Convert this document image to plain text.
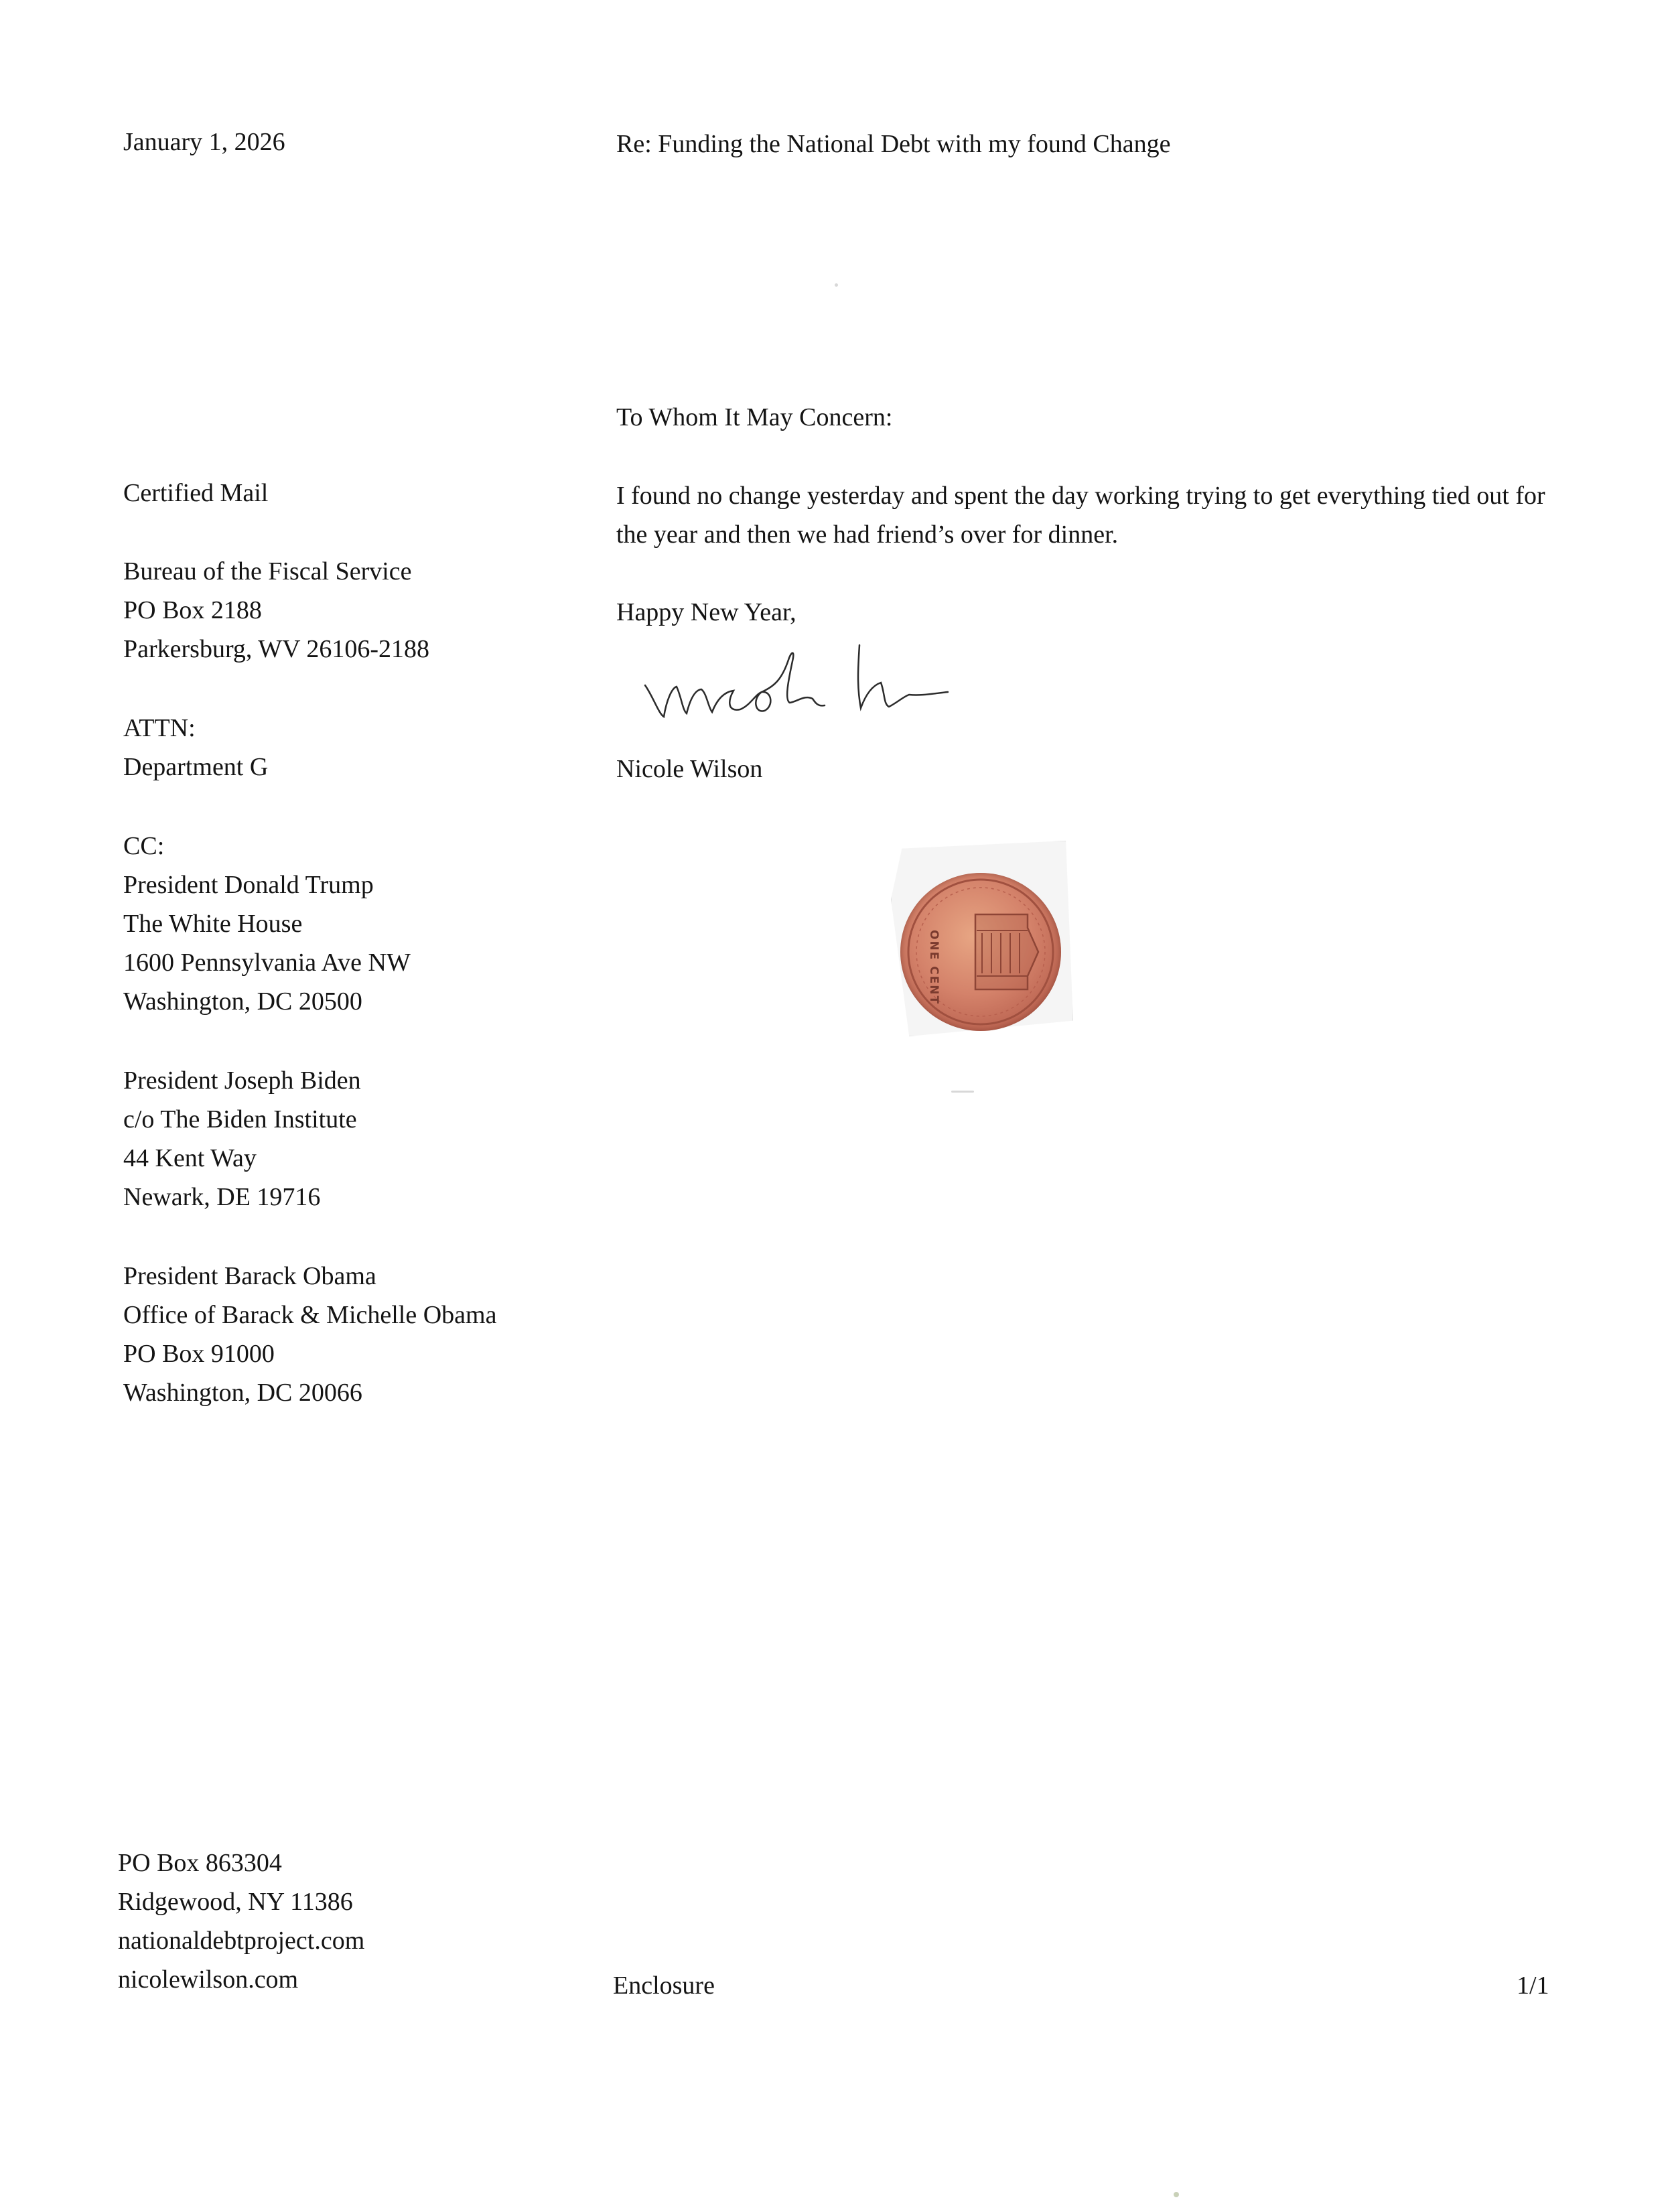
January 1, 2026	Re: Funding the National Debt with my found Change

To Whom It May Concern:

I found no change yesterday and spent the day working trying to get everything tied out for the year and then we had friend’s over for dinner.

Happy New Year,

Nicole Wilson

Certified Mail

Bureau of the Fiscal Service
PO Box 2188
Parkersburg, WV 26106-2188
ATTN:
Department G
CC:
President Donald Trump
The White House
1600 Pennsylvania Ave NW
Washington, DC 20500
President Joseph Biden
c/o The Biden Institute
44 Kent Way
Newark, DE 19716
President Barack Obama
Office of Barack & Michelle Obama
PO Box 91000
Washington, DC 20066
ONE CENT
PO Box 863304
Ridgewood, NY 11386
nationaldebtproject.com
nicolewilson.com	Enclosure	1/1
